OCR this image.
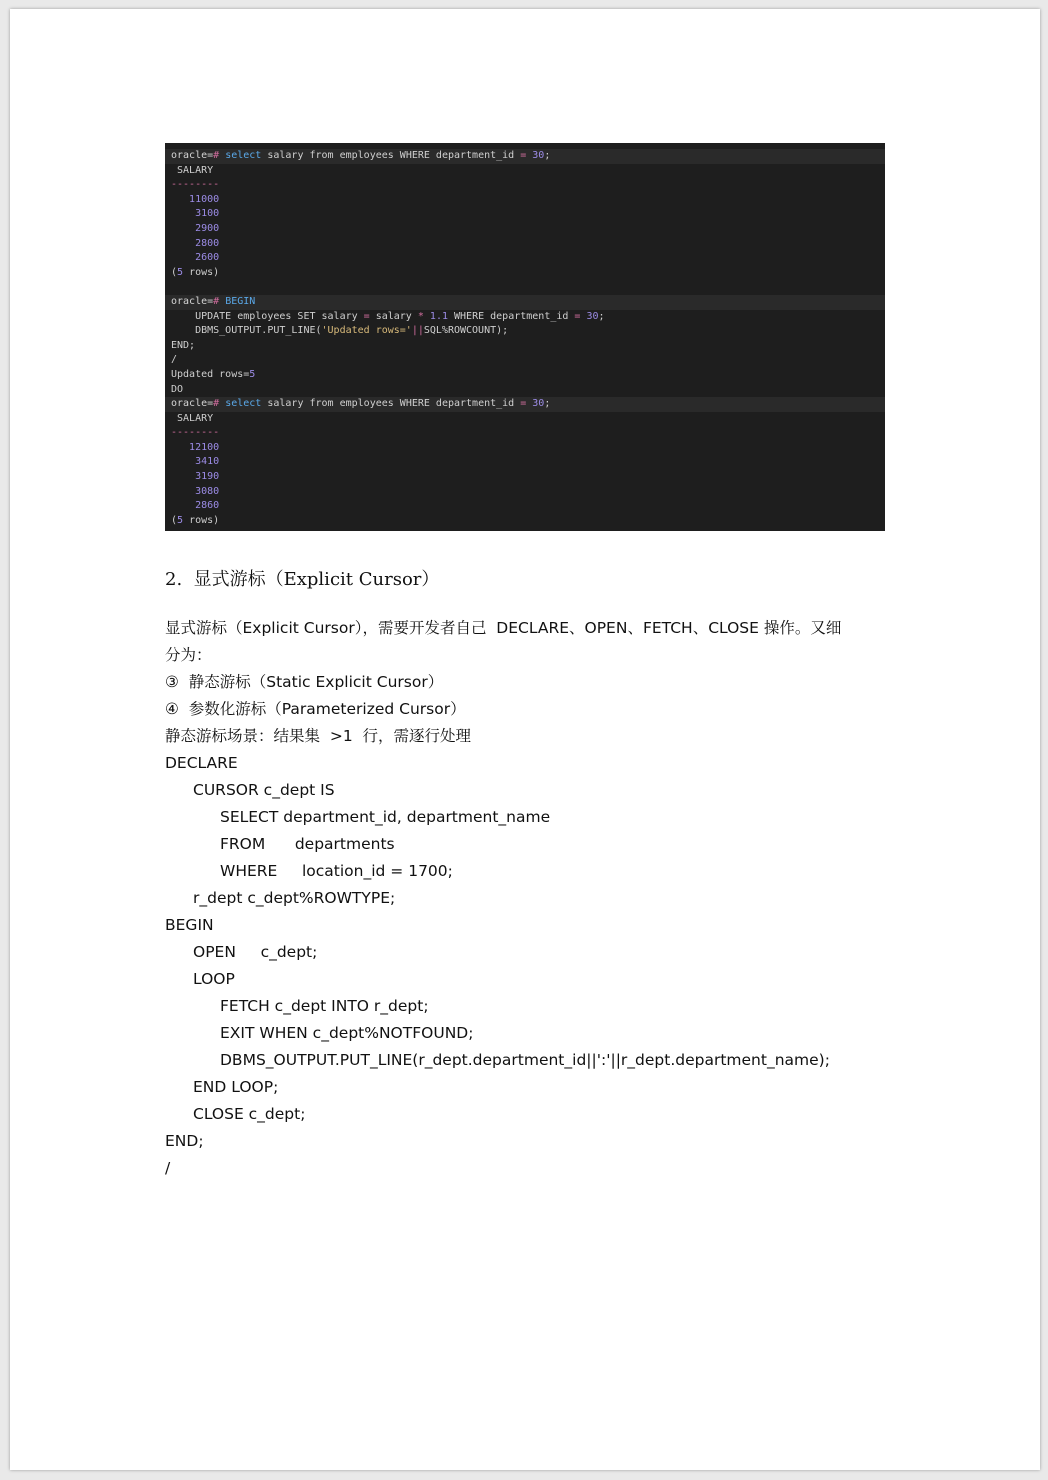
oracle=# select salary from employees WHERE department_id = 30;
SALARY
--------
11000
3100
2900
2800
2600
(5 rows)
oracle=# BEGIN
UPDATE employees SET salary = salary * 1.1 WHERE department_id = 30;
DBMS_OUTPUT.PUT_LINE('Updated rows='||SQL%ROWCOUNT);
END;
/
Updated rows=5
DO
oracle=# select salary from employees WHERE department_id = 30;
SALARY
--------
12100
3410
3190
3080
2860
(5 rows)
2.  显式游标（Explicit Cursor）
显式游标（Explicit Cursor），需要开发者自己  DECLARE、OPEN、FETCH、CLOSE 操作。又细
分为：
③  静态游标（Static Explicit Cursor）
④  参数化游标（Parameterized Cursor）
静态游标场景：结果集  >1  行，需逐行处理
DECLARE
CURSOR c_dept IS
SELECT department_id, department_name
FROM      departments
WHERE     location_id = 1700;
r_dept c_dept%ROWTYPE;
BEGIN
OPEN     c_dept;
LOOP
FETCH c_dept INTO r_dept;
EXIT WHEN c_dept%NOTFOUND;
DBMS_OUTPUT.PUT_LINE(r_dept.department_id||':'||r_dept.department_name);
END LOOP;
CLOSE c_dept;
END;
/
